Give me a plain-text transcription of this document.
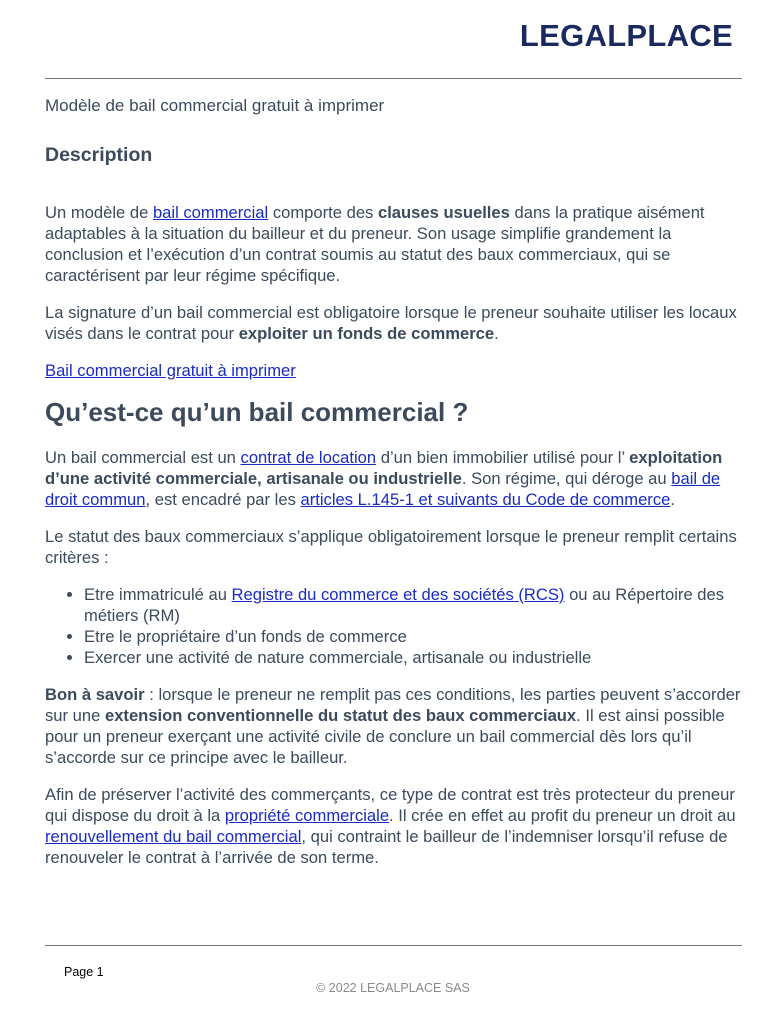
LEGALPLACE
Modèle de bail commercial gratuit à imprimer
Description

Un modèle de bail commercial comporte des clauses usuelles dans la pratique aisément adaptables à la situation du bailleur et du preneur. Son usage simplifie grandement la conclusion et l’exécution d’un contrat soumis au statut des baux commerciaux, qui se caractérisent par leur régime spécifique.

La signature d’un bail commercial est obligatoire lorsque le preneur souhaite utiliser les locaux visés dans le contrat pour exploiter un fonds de commerce.

Bail commercial gratuit à imprimer
Qu’est-ce qu’un bail commercial ?

Un bail commercial est un contrat de location d’un bien immobilier utilisé pour l’ exploitation d’une activité commerciale, artisanale ou industrielle. Son régime, qui déroge au bail de droit commun, est encadré par les articles L.145-1 et suivants du Code de commerce.

Le statut des baux commerciaux s’applique obligatoirement lorsque le preneur remplit certains critères :

• Etre immatriculé au Registre du commerce et des sociétés (RCS) ou au Répertoire des métiers (RM)
• Etre le propriétaire d’un fonds de commerce
• Exercer une activité de nature commerciale, artisanale ou industrielle

Bon à savoir : lorsque le preneur ne remplit pas ces conditions, les parties peuvent s’accorder sur une extension conventionnelle du statut des baux commerciaux. Il est ainsi possible pour un preneur exerçant une activité civile de conclure un bail commercial dès lors qu’il s’accorde sur ce principe avec le bailleur.

Afin de préserver l’activité des commerçants, ce type de contrat est très protecteur du preneur qui dispose du droit à la propriété commerciale. Il crée en effet au profit du preneur un droit au renouvellement du bail commercial, qui contraint le bailleur de l’indemniser lorsqu’il refuse de renouveler le contrat à l’arrivée de son terme.

Page 1
© 2022 LEGALPLACE SAS
